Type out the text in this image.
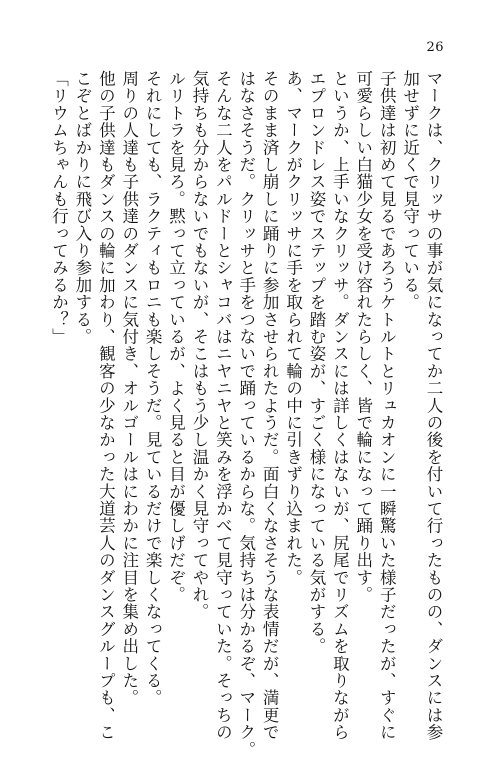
26
マークは、クリッサの事が気になってか二人の後を付いて行ったものの、ダンスには参
加せずに近くで見守っている。
子供達は初めて見るであろうケトルトとリュカオンに一瞬驚いた様子だったが、すぐに
可愛らしい白猫少女を受け容れたらしく、皆で輪になって踊り出す。
というか、上手いなクリッサ。ダンスには詳しくはないが、尻尾でリズムを取りながら
エプロンドレス姿でステップを踏む姿が、すごく様になっている気がする。
あ、マークがクリッサに手を取られて輪の中に引きずり込まれた。
そのまま済し崩しに踊りに参加させられたようだ。面白くなさそうな表情だが、満更で
はなさそうだ。クリッサと手をつないで踊っているからな。気持ちは分かるぞ、マーク。
そんな二人をパルドーとシャコバはニヤニヤと笑みを浮かべて見守っていた。そっちの
気持ちも分からないでもないが、そこはもう少し温かく見守ってやれ。
ルリトラを見ろ。黙って立っているが、よく見ると目が優しげだぞ。
それにしても、ラクティもロニも楽しそうだ。見ているだけで楽しくなってくる。
周りの人達も子供達のダンスに気付き、オルゴールはにわかに注目を集め出した。
他の子供達もダンスの輪に加わり、観客の少なかった大道芸人のダンスグループも、こ
こぞとばかりに飛び入り参加する。
「リウムちゃんも行ってみるか？」
